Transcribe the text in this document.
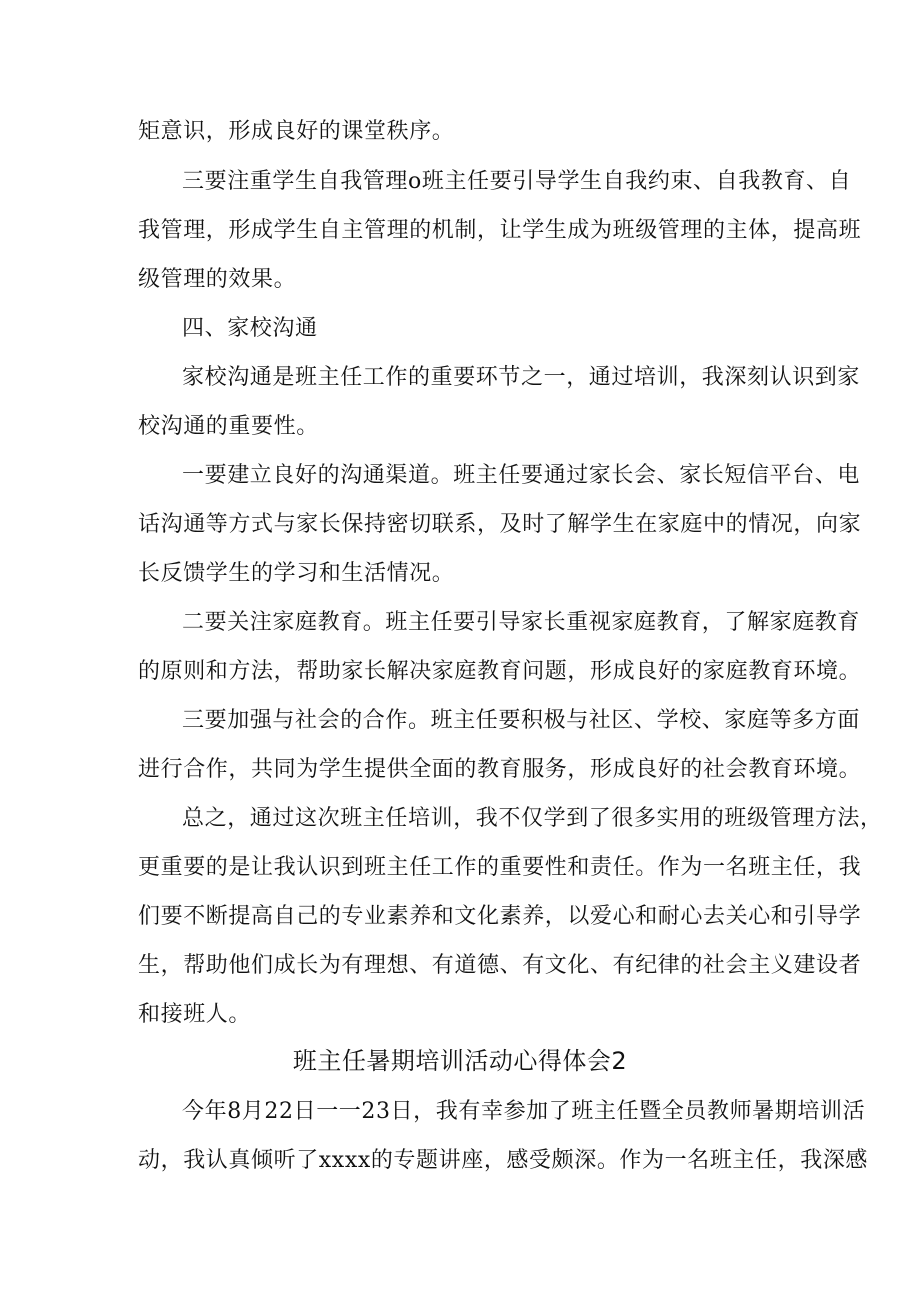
矩意识，形成良好的课堂秩序。
三要注重学生自我管理o班主任要引导学生自我约束、自我教育、自
我管理，形成学生自主管理的机制，让学生成为班级管理的主体，提高班
级管理的效果。
四、家校沟通
家校沟通是班主任工作的重要环节之一，通过培训，我深刻认识到家
校沟通的重要性。
一要建立良好的沟通渠道。班主任要通过家长会、家长短信平台、电
话沟通等方式与家长保持密切联系，及时了解学生在家庭中的情况，向家
长反馈学生的学习和生活情况。
二要关注家庭教育。班主任要引导家长重视家庭教育，了解家庭教育
的原则和方法，帮助家长解决家庭教育问题，形成良好的家庭教育环境。
三要加强与社会的合作。班主任要积极与社区、学校、家庭等多方面
进行合作，共同为学生提供全面的教育服务，形成良好的社会教育环境。
总之，通过这次班主任培训，我不仅学到了很多实用的班级管理方法，
更重要的是让我认识到班主任工作的重要性和责任。作为一名班主任，我
们要不断提高自己的专业素养和文化素养，以爱心和耐心去关心和引导学
生，帮助他们成长为有理想、有道德、有文化、有纪律的社会主义建设者
和接班人。
班主任暑期培训活动心得体会2
今年8月22日一一23日，我有幸参加了班主任暨全员教师暑期培训活
动，我认真倾听了xxxx的专题讲座，感受颇深。作为一名班主任，我深感
